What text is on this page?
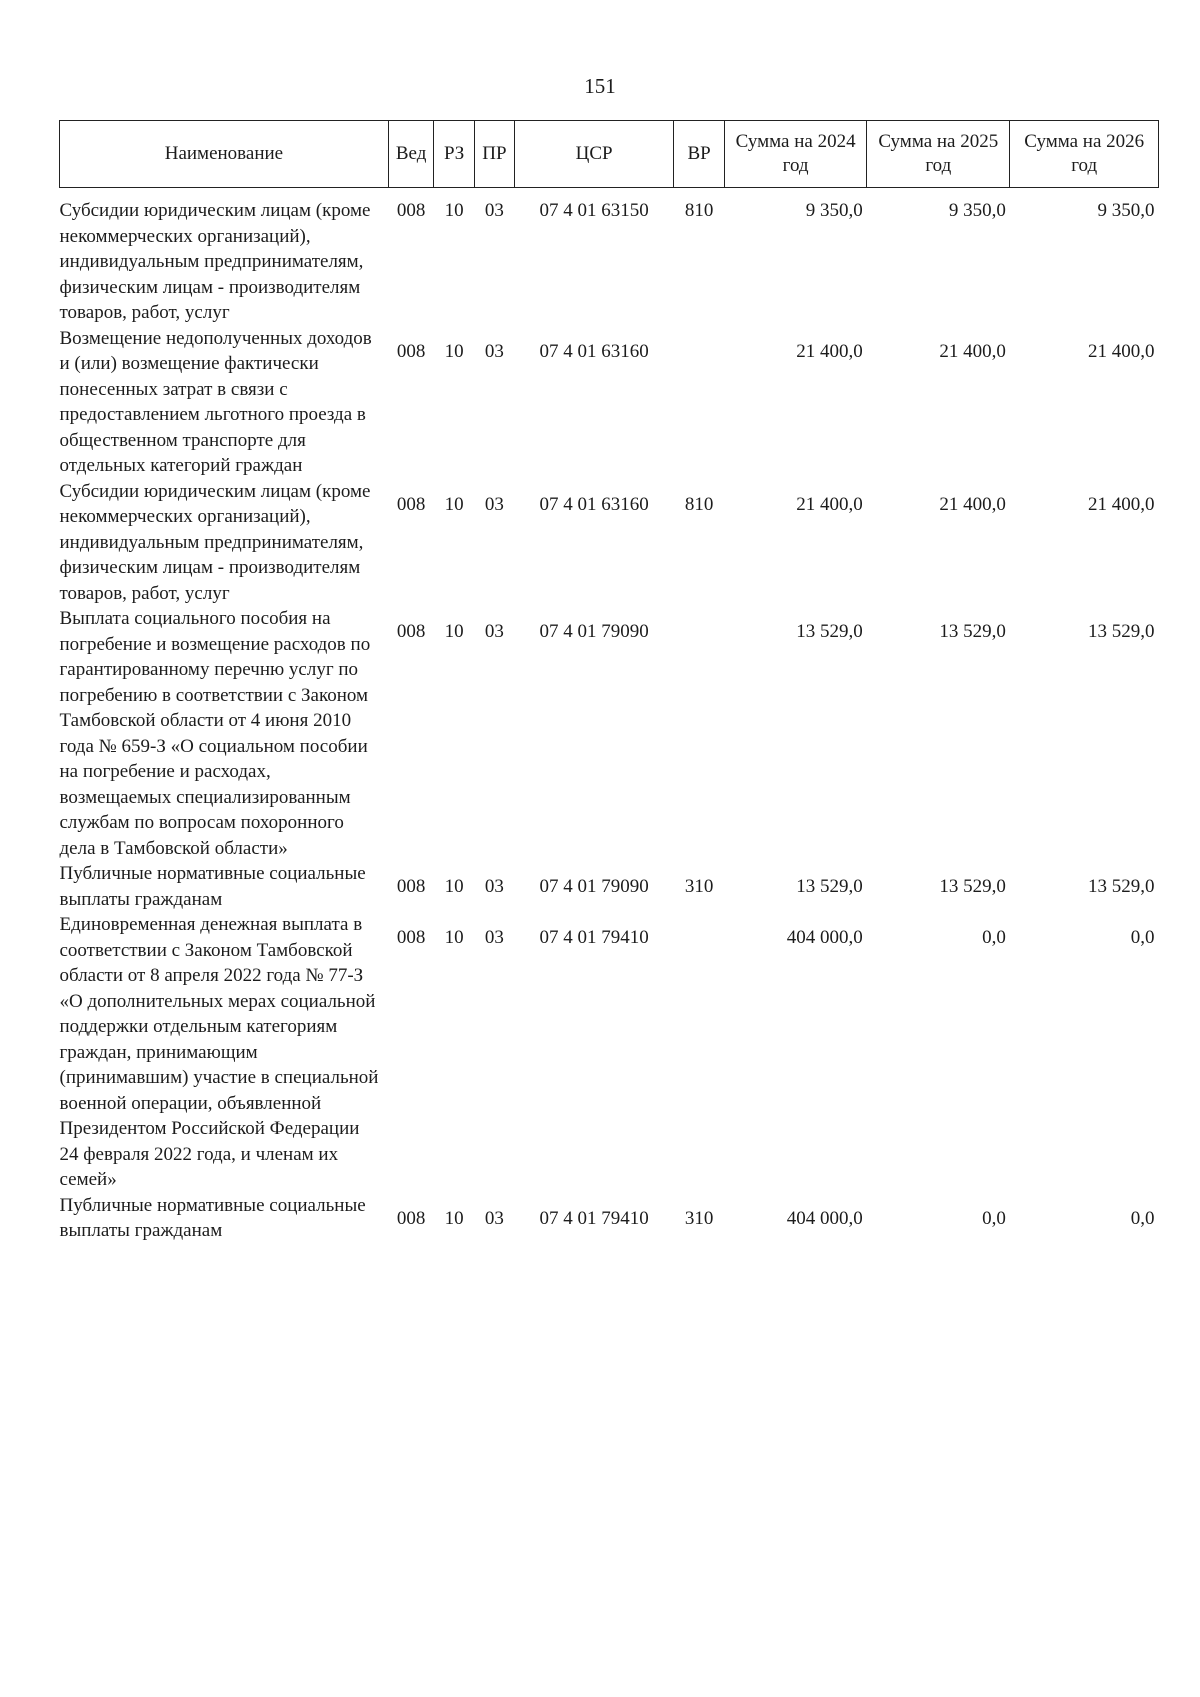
151
Наименование	Вед	РЗ	ПР	ЦСР	ВР	Сумма на 2024 год	Сумма на 2025 год	Сумма на 2026 год
Субсидии юридическим лицам (кроме некоммерческих организаций), индивидуальным предпринимателям, физическим лицам - производителям товаров, работ, услуг	008	10	03	07 4 01 63150	810	9 350,0	9 350,0	9 350,0
Возмещение недополученных доходов и (или) возмещение фактически понесенных затрат в связи с предоставлением льготного проезда в общественном транспорте для отдельных категорий граждан	008	10	03	07 4 01 63160		21 400,0	21 400,0	21 400,0
Субсидии юридическим лицам (кроме некоммерческих организаций), индивидуальным предпринимателям, физическим лицам - производителям товаров, работ, услуг	008	10	03	07 4 01 63160	810	21 400,0	21 400,0	21 400,0
Выплата социального пособия на погребение и возмещение расходов по гарантированному перечню услуг по погребению в соответствии с Законом Тамбовской области от 4 июня 2010 года № 659-З «О социальном пособии на погребение и расходах, возмещаемых специализированным службам по вопросам похоронного дела в Тамбовской области»	008	10	03	07 4 01 79090		13 529,0	13 529,0	13 529,0
Публичные нормативные социальные выплаты гражданам	008	10	03	07 4 01 79090	310	13 529,0	13 529,0	13 529,0
Единовременная денежная выплата в соответствии с Законом Тамбовской области от 8 апреля 2022 года № 77-З «О дополнительных мерах социальной поддержки отдельным категориям граждан, принимающим (принимавшим) участие в специальной военной операции, объявленной Президентом Российской Федерации 24 февраля 2022 года, и членам их семей»	008	10	03	07 4 01 79410		404 000,0	0,0	0,0
Публичные нормативные социальные выплаты гражданам	008	10	03	07 4 01 79410	310	404 000,0	0,0	0,0
